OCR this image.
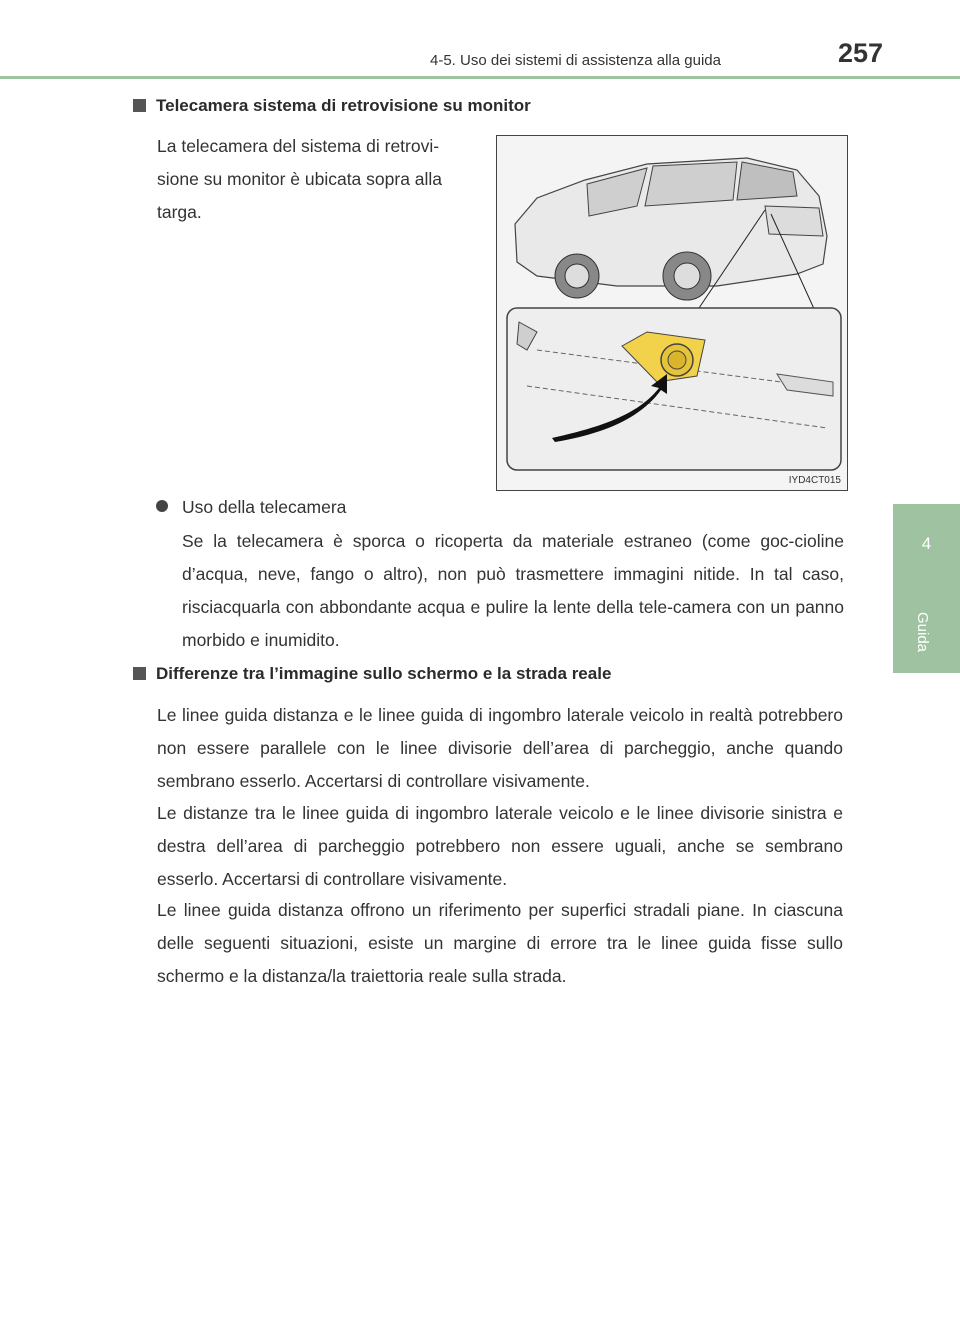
4-5. Uso dei sistemi di assistenza alla guida	257
4
Guida
Telecamera sistema di retrovisione su monitor

La telecamera del sistema di retrovi-
sione su monitor è ubicata sopra alla
targa.

IYD4CT015

Uso della telecamera

Se la telecamera è sporca o ricoperta da materiale estraneo (come goc-cioline d’acqua, neve, fango o altro), non può trasmettere immagini nitide. In tal caso, risciacquarla con abbondante acqua e pulire la lente della tele-camera con un panno morbido e inumidito.

Differenze tra l’immagine sullo schermo e la strada reale

Le linee guida distanza e le linee guida di ingombro laterale veicolo in realtà potrebbero non essere parallele con le linee divisorie dell’area di parcheggio, anche quando sembrano esserlo. Accertarsi di controllare visivamente.

Le distanze tra le linee guida di ingombro laterale veicolo e le linee divisorie sinistra e destra dell’area di parcheggio potrebbero non essere uguali, anche se sembrano esserlo. Accertarsi di controllare visivamente.

Le linee guida distanza offrono un riferimento per superfici stradali piane. In ciascuna delle seguenti situazioni, esiste un margine di errore tra le linee guida fisse sullo schermo e la distanza/la traiettoria reale sulla strada.
